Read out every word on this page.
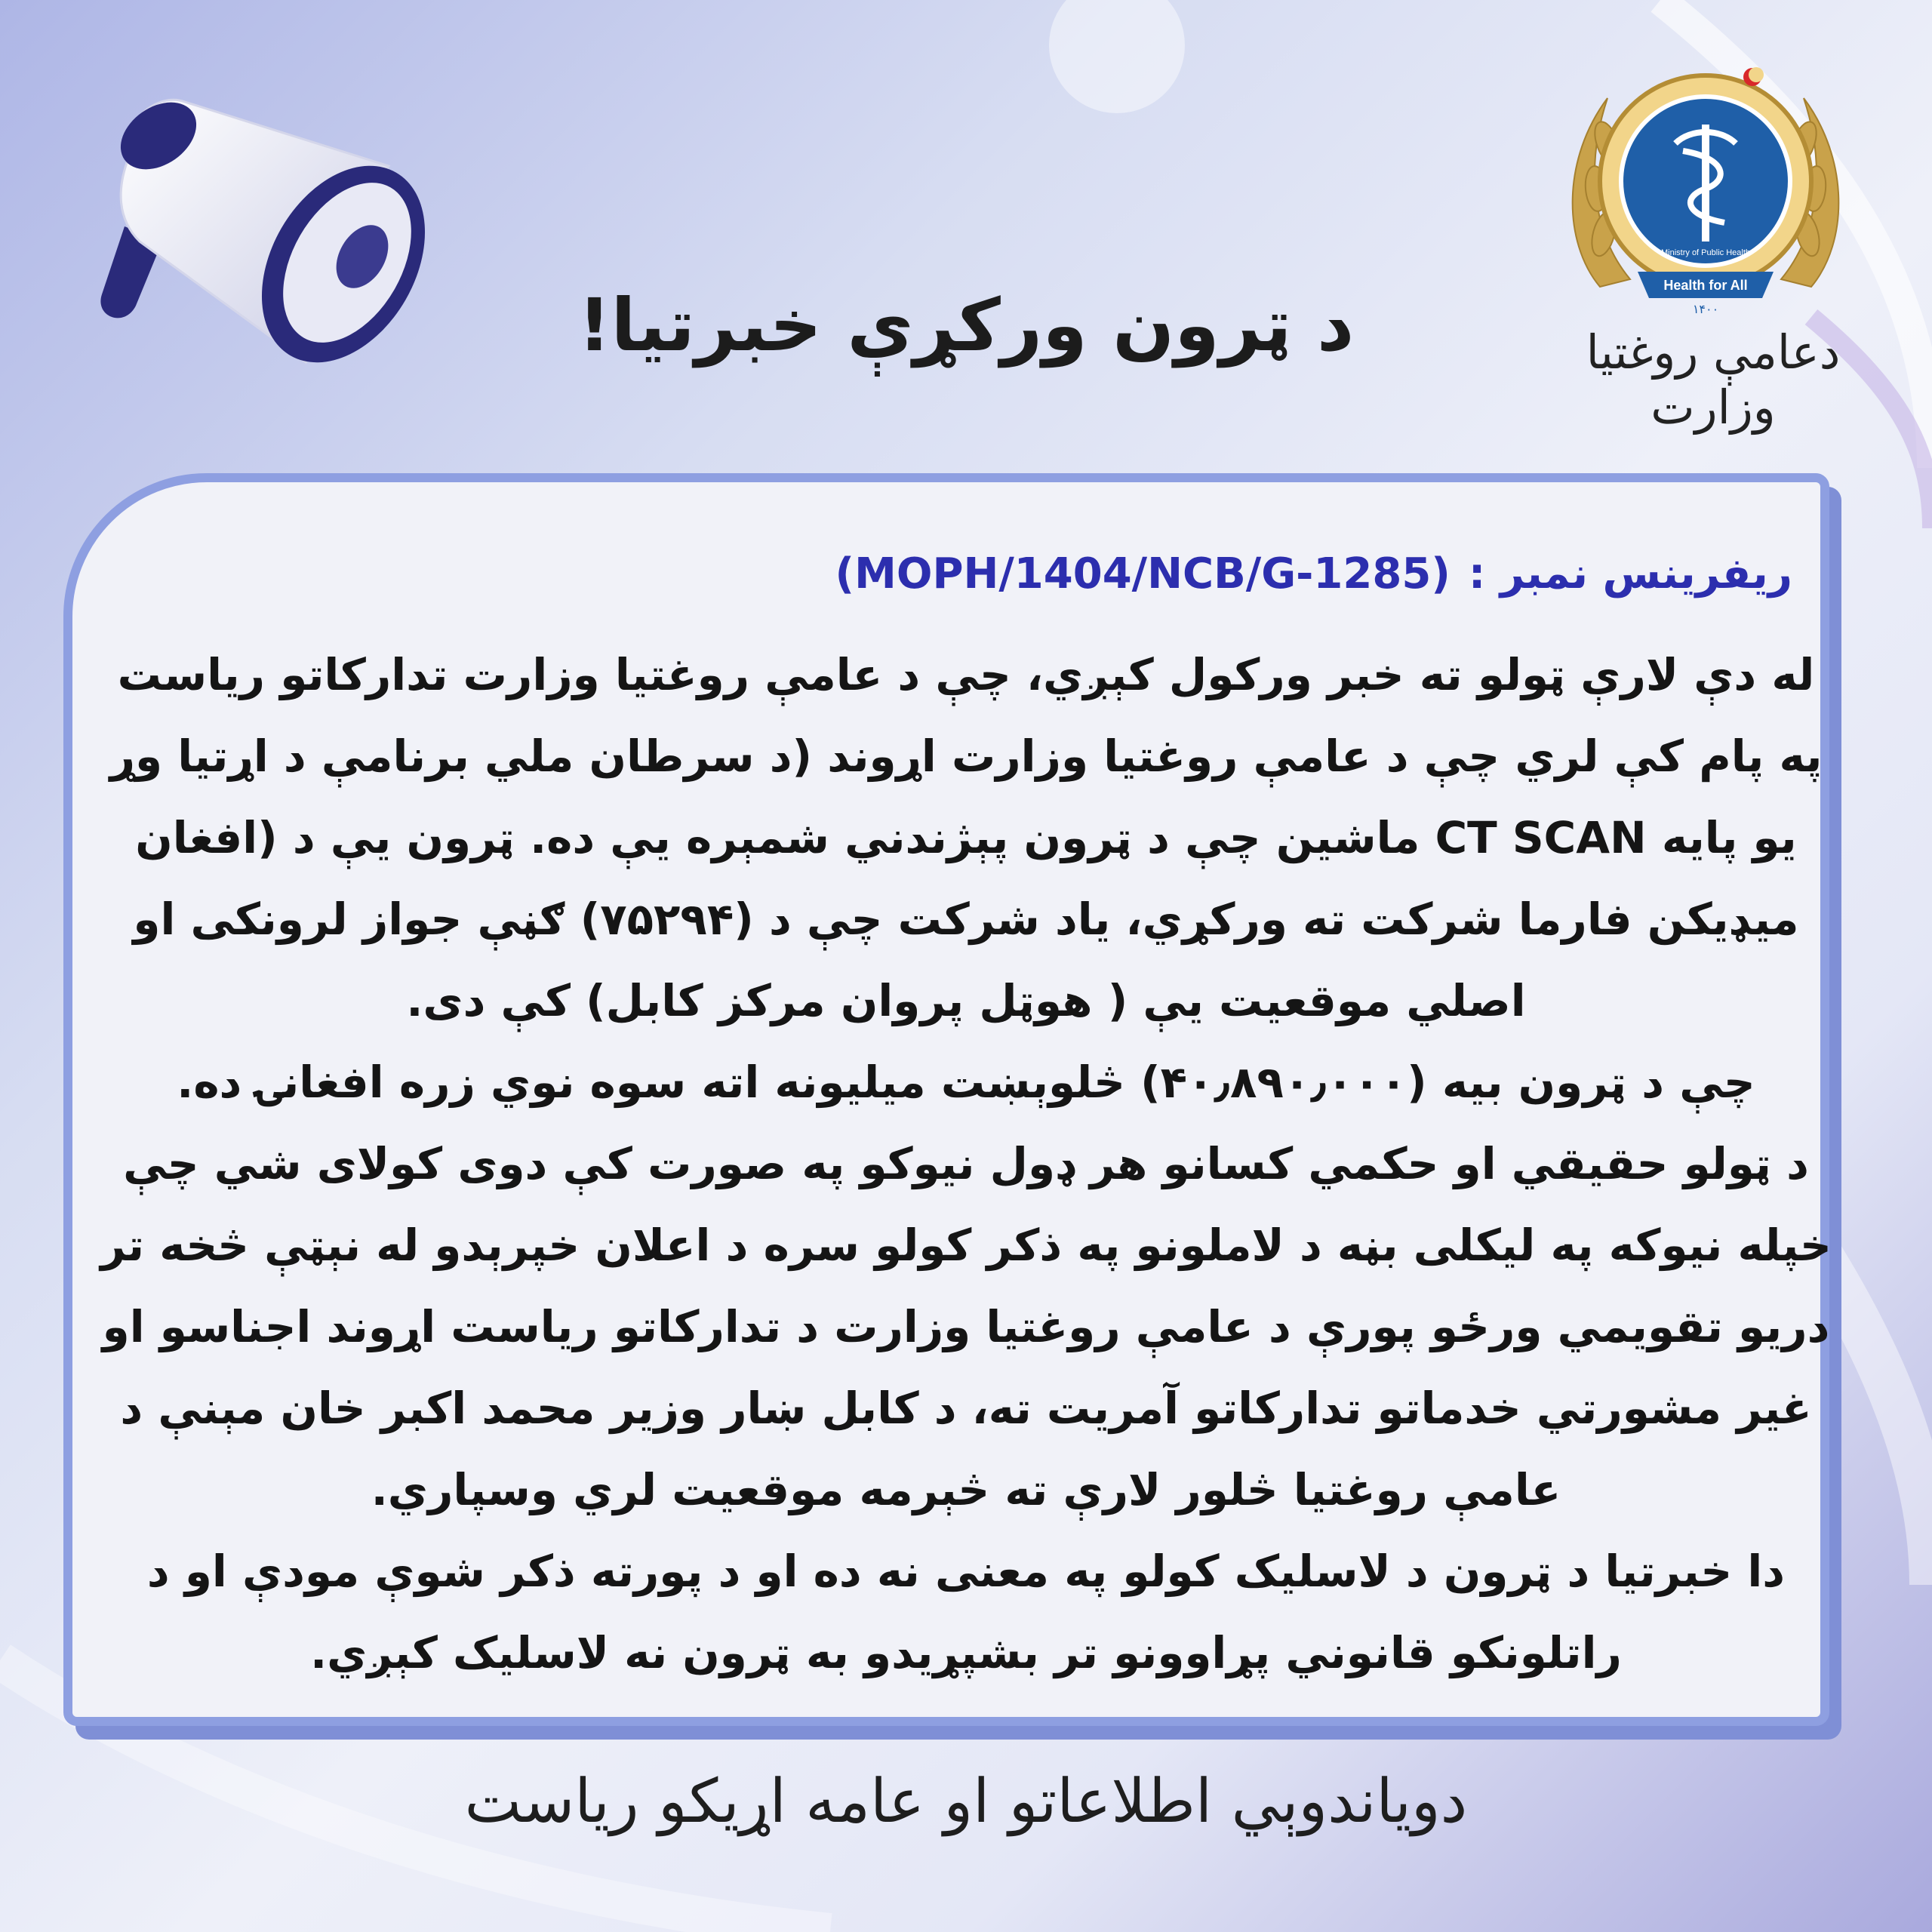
Health for All
Ministry of Public Health
۱۴۰۰
دعامې روغتیا وزارت
د ټرون ورکړې خبرتیا!
ریفرینس نمبر :
(MOPH/1404/NCB/G-1285)

له دې لارې ټولو ته خبر ورکول کېږي، چې د عامې روغتیا وزارت تدارکاتو ریاست په پام کې لري چې د عامې روغتیا وزارت اړوند (د سرطان ملي برنامې د اړتیا وړ یو پایه CT SCAN ماشین چې د ټرون پېژندني شمېره یې ده. ټرون یې د (افغان میډیکن فارما شرکت ته ورکړي، یاد شرکت چې د (۷۵۲۹۴) ګڼې جواز لرونکی او اصلي موقعیت یې ( هوټل پروان مرکز کابل) کې دی.

چې د ټرون بیه (۴۰٫۸۹۰٫۰۰۰) څلوېښت میلیونه اته سوه نوي زره افغانۍ ده.

د ټولو حقیقي او حکمي کسانو هر ډول نیوکو په صورت کې دوی کولای شي چې خپله نیوکه په لیکلی بڼه د لاملونو په ذکر کولو سره د اعلان خپرېدو له نېټې څخه تر دریو تقویمي ورځو پورې د عامې روغتیا وزارت د تدارکاتو ریاست اړوند اجناسو او غیر مشورتي خدماتو تدارکاتو آمریت ته، د کابل ښار وزیر محمد اکبر خان مېنې د عامې روغتیا څلور لارې ته څېرمه موقعیت لري وسپاري.

دا خبرتیا د ټرون د لاسلیک کولو په معنی نه ده او د پورته ذکر شوې مودې او د راتلونکو قانوني پړاوونو تر بشپړیدو به ټرون نه لاسلیک کېږي.

دویاندوېي اطلاعاتو او عامه اړیکو ریاست
